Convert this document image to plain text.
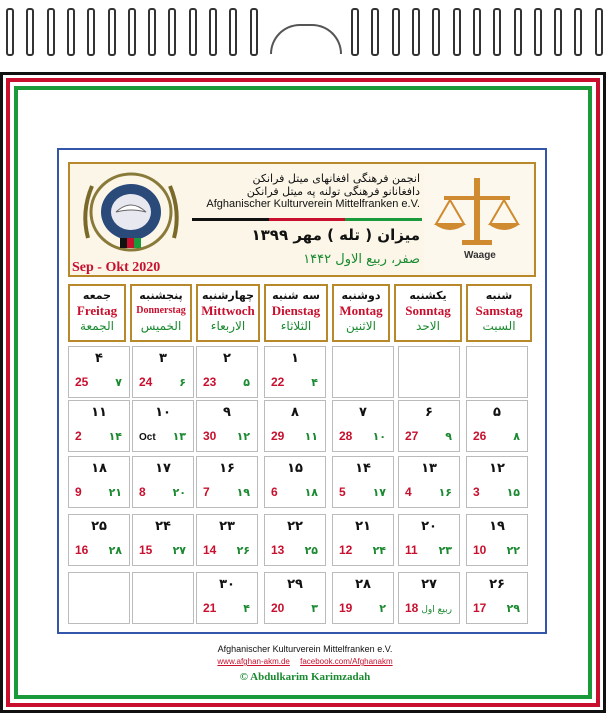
انجمن فرهنگی افغانهای میتل فرانکن
دافغانانو فرهنگی تولنه په میتل فرانکن
Afghanischer Kulturverein Mittelfranken e.V.
میزان ( تله ) مهر ۱۳۹۹
صفر، ربیع الاول ۱۴۴۲
Sep - Okt 2020
Waage
جمعه
Freitag
الجمعة
پنجشنبه
Donnerstag
الخميس
چهارشنبه
Mittwoch
الاربعاء
سه شنبه
Dienstag
الثلاثاء
دوشنبه
Montag
الاثنين
یکشنبه
Sonntag
الاحد
شنبه
Samstag
السبت
۴
25 ۷
۳
24 ۶
۲
23 ۵
۱
22 ۴
۱۱
2 ۱۴
۱۰
Oct ۱۳
۹
30 ۱۲
۸
29 ۱۱
۷
28 ۱۰
۶
27 ۹
۵
26 ۸
۱۸
9 ۲۱
۱۷
8 ۲۰
۱۶
7 ۱۹
۱۵
6 ۱۸
۱۴
5 ۱۷
۱۳
4 ۱۶
۱۲
3 ۱۵
۲۵
16 ۲۸
۲۴
15 ۲۷
۲۳
14 ۲۶
۲۲
13 ۲۵
۲۱
12 ۲۴
۲۰
11 ۲۳
۱۹
10 ۲۲
۳۰
21 ۴
۲۹
20 ۳
۲۸
19 ۲
۲۷
18 ربیع اول
۲۶
17 ۲۹
Afghanischer Kulturverein Mittelfranken e.V.
www.afghan-akm.de facebook.com/Afghanakm
© Abdulkarim Karimzadah
